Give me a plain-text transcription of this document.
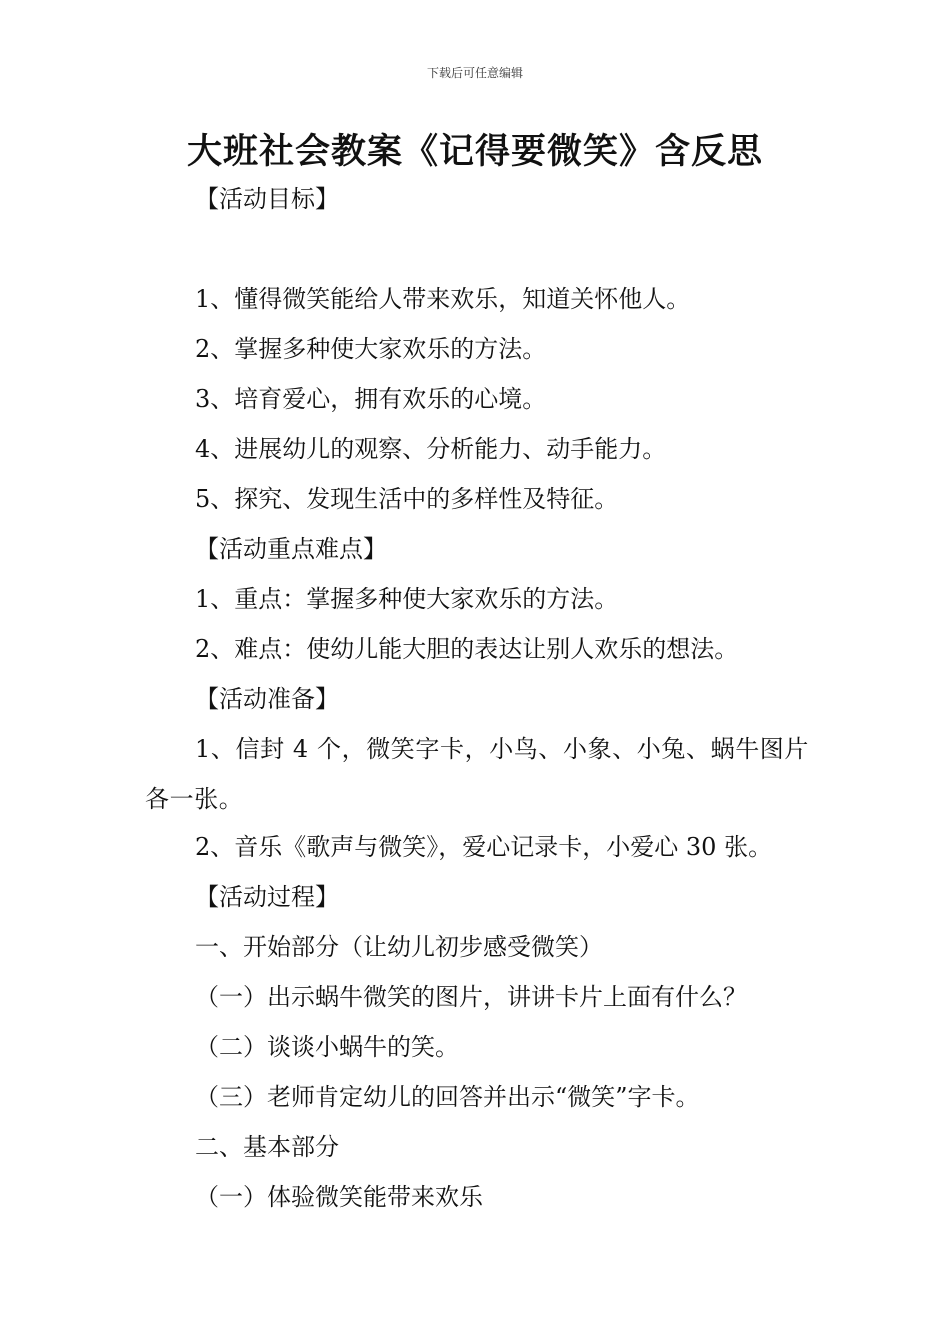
下载后可任意编辑
大班社会教案《记得要微笑》含反思

【活动目标】

1、懂得微笑能给人带来欢乐，知道关怀他人。

2、掌握多种使大家欢乐的方法。

3、培育爱心，拥有欢乐的心境。

4、进展幼儿的观察、分析能力、动手能力。

5、探究、发现生活中的多样性及特征。

【活动重点难点】

1、重点：掌握多种使大家欢乐的方法。

2、难点：使幼儿能大胆的表达让别人欢乐的想法。

【活动准备】

1、信封 4 个，微笑字卡，小鸟、小象、小兔、蜗牛图片各一张。

2、音乐《歌声与微笑》，爱心记录卡，小爱心 30 张。

【活动过程】

一、开始部分（让幼儿初步感受微笑）

（一）出示蜗牛微笑的图片，讲讲卡片上面有什么？

（二）谈谈小蜗牛的笑。

（三）老师肯定幼儿的回答并出示“微笑”字卡。

二、基本部分

（一）体验微笑能带来欢乐
